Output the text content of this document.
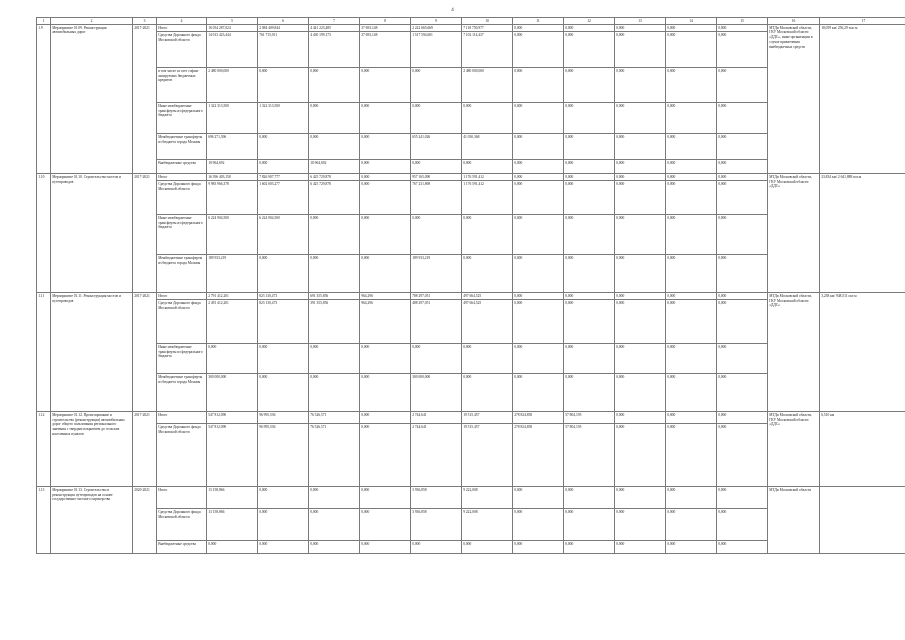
4
1	2	3	4	5	6	7	8	9	10	11	12	13	14	15	16	17
1.9	Мероприятие 01.09. Реконструкция автомобильных дорог	2017-2021	Итого	16 054 287,024	2 084 409,844	4 441 223,485	37 693,148	2 222 665,669	7 118 750,977	0,000	0,000	0,000	0,000	0,000	МТДи Московской области, ГКУ Московской области «ДДС», иные организации в случае привлечения внебюджетных средств	18,059 км/ 256,29 тыс.м
			Средства Дорожного фонда Московской области	14 013 423,444	761 715,911	4 430 199,173	37 693,148	1 517 594,601	7 102 114,437	0,000	0,000	0,000	0,000	0,000		
			в том числе за счет софин- ансируемых бюджетных кредитов	2 480 000,000	0,000	0,000	0,000	0,000	2 480 000,000	0,000	0,000	0,000	0,000	0,000		
			Иные межбюджетные трансферты из федерального бюджета	1 322 313,500	1 322 313,500	0,000	0,000	0,000	0,000	0,000	0,000	0,000	0,000	0,000		
			Межбюджетные трансферты из бюджета города Москвы	696 271,396	0,000	0,000	0,000	655 241,026	41 030,368	0,000	0,000	0,000	0,000	0,000		
			Внебюджетные средства	10 964,692	0,000	10 964,692	0,000	0,000	0,000	0,000	0,000	0,000	0,000	0,000		
1.10	Мероприятие 01.10. Строительство мостов и путепроводов	2017-2021	Итого	16 396 403,158	7 826 907,777	6 425 729,878	0,000	957 165,090	1 176 591,412	0,000	0,000	0,000	0,000	0,000	МТДи Московской области, ГКУ Московской области «ДДС»	23,834 км/ 2 641,888 пог.м
			Средства Дорожного фонда Московской области	9 983 966,378	1 602 003,277	6 425 729,878	0,000	767 231,869	1 176 591,412	0,000	0,000	0,000	0,000	0,000		
			Иные межбюджетные трансферты из федерального бюджета	6 224 904,500	6 224 904,500	0,000	0,000	0,000	0,000	0,000	0,000	0,000	0,000	0,000		
			Межбюджетные трансферты из бюджета города Москвы	189 933,219	0,000	0,000	0,000	189 933,219	0,000	0,000	0,000	0,000	0,000	0,000		
1.11	Мероприятие 01.11. Реконструкция мостов и путепроводов	2017-2021	Итого	2 791 412,201	823 130,473	691 355,856	964,296	788 297,051	497 664,525	0,000	0,000	0,000	0,000	0,000	МТДи Московской области, ГКУ Московской области «ДДС»	3,238 км/ 948,511 пог.м
			Средства Дорожного фонда Московской области	2 491 412,201	823 130,473	391 355,856	964,296	488 297,051	497 664,525	0,000	0,000	0,000	0,000	0,000		
			Иные межбюджетные трансферты из федерального бюджета	0,000	0,000	0,000	0,000	0,000	0,000	0,000	0,000	0,000	0,000	0,000		
			Межбюджетные трансферты из бюджета города Москвы	300 000,000	0,000	0,000	0,000	300 000,000	0,000	0,000	0,000	0,000	0,000	0,000		
1.12	Мероприятие 01.12. Проектирование и строительство (реконструкция) автомобильных дорог общего пользования регионального значения с твердым покрытием до сельских населенных пунктов	2017-2021	Итого	547 812,090	96 995,536	76 526,571	0,000	2 744,641	19 515,457	278 824,850	57 804,195	0,000	0,000	0,000	МТДи Московской области, ГКУ Московской области «ДДС»	6,510 км
			Средства Дорожного фонда Московской области	547 812,090	96 995,536	76 526,571	0,000	2 744,641	19 515,457	278 824,850	57 804,195	0,000	0,000	0,000		
1.13	Мероприятие 01.13. Строительство и реконструкция путепроводов на основе государственно-частного партнерства	2020-2021	Итого	13 158,866	0,000	0,000	0,000	3 936,858	9 222,008	0,000	0,000	0,000	0,000	0,000	МТДи Московской области	
			Средства Дорожного фонда Московской области	13 158,866	0,000	0,000	0,000	3 936,858	9 222,008	0,000	0,000	0,000	0,000	0,000		
			Внебюджетные средства	0,000	0,000	0,000	0,000	0,000	0,000	0,000	0,000	0,000	0,000	0,000		
